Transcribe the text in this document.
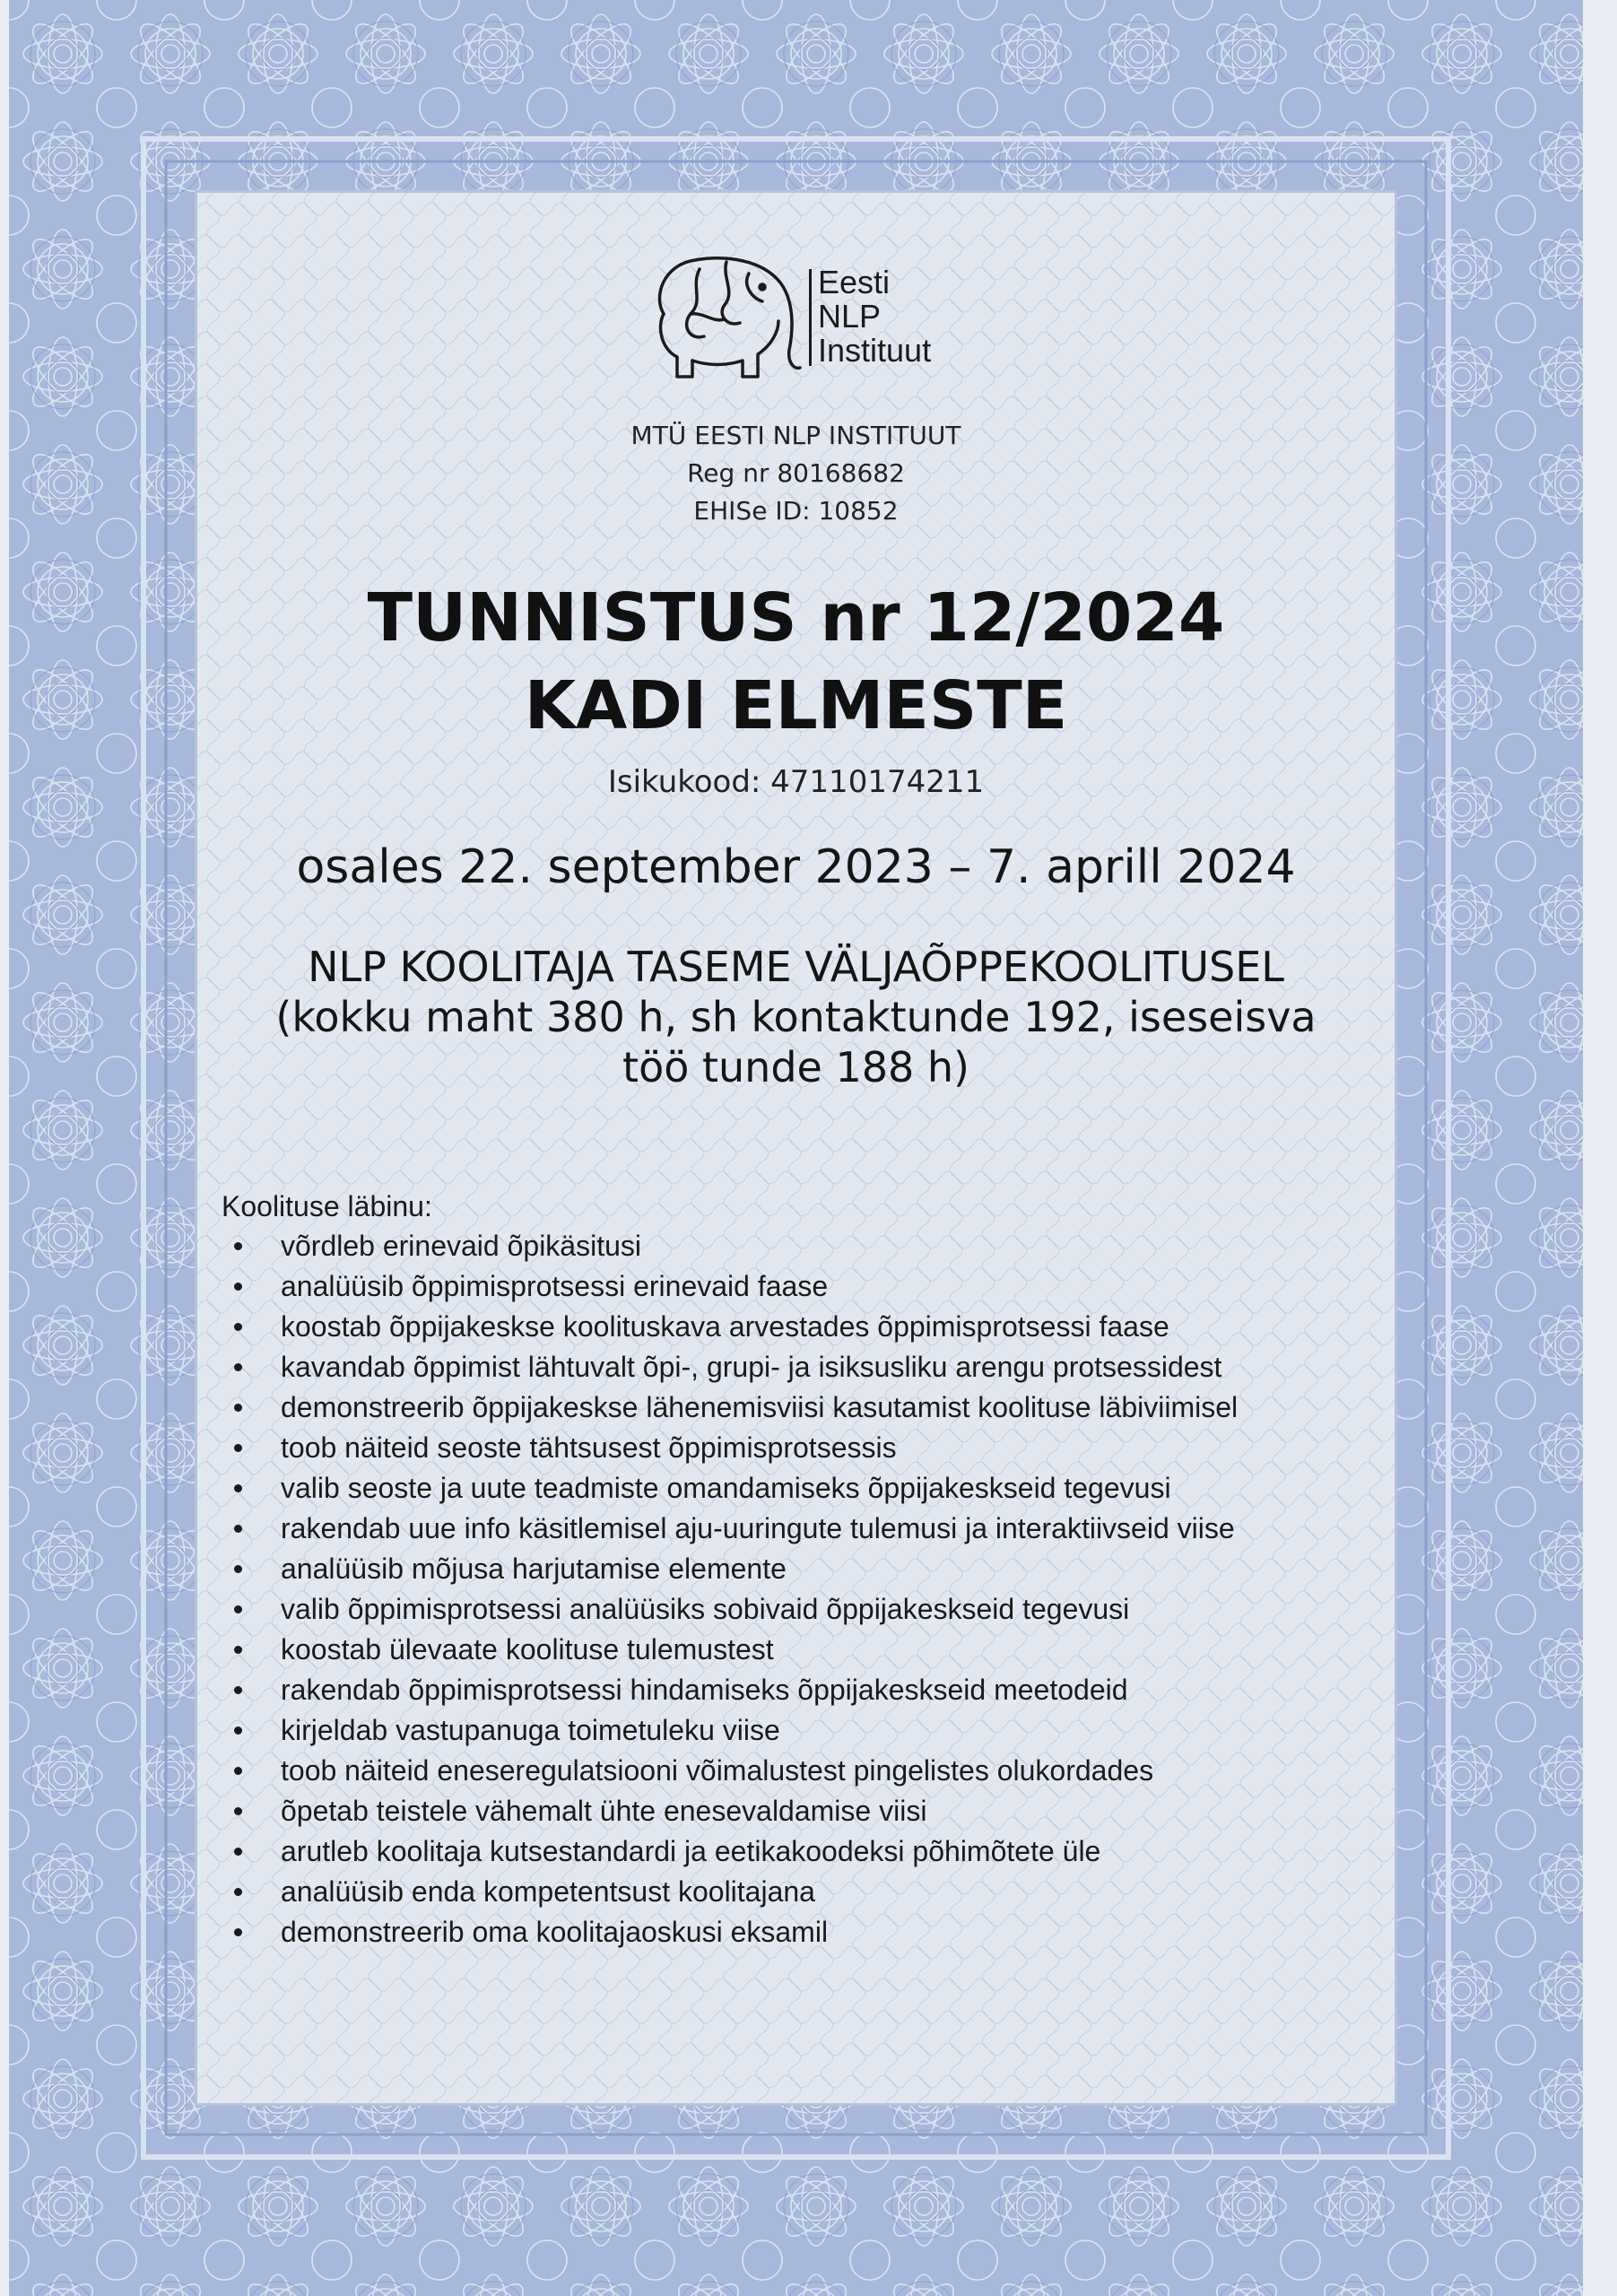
Eesti
NLP
Instituut
MTÜ EESTI NLP INSTITUUT
Reg nr 80168682
EHISe ID: 10852
TUNNISTUS nr 12/2024
KADI ELMESTE
Isikukood: 47110174211
osales 22. september 2023 – 7. aprill 2024
NLP KOOLITAJA TASEME VÄLJAÕPPEKOOLITUSEL
(kokku maht 380 h, sh kontaktunde 192, iseseisva
töö tunde 188 h)
Koolituse läbinu:
võrdleb erinevaid õpikäsitusi
analüüsib õppimisprotsessi erinevaid faase
koostab õppijakeskse koolituskava arvestades õppimisprotsessi faase
kavandab õppimist lähtuvalt õpi-, grupi- ja isiksusliku arengu protsessidest
demonstreerib õppijakeskse lähenemisviisi kasutamist koolituse läbiviimisel
toob näiteid seoste tähtsusest õppimisprotsessis
valib seoste ja uute teadmiste omandamiseks õppijakeskseid tegevusi
rakendab uue info käsitlemisel aju-uuringute tulemusi ja interaktiivseid viise
analüüsib mõjusa harjutamise elemente
valib õppimisprotsessi analüüsiks sobivaid õppijakeskseid tegevusi
koostab ülevaate koolituse tulemustest
rakendab õppimisprotsessi hindamiseks õppijakeskseid meetodeid
kirjeldab vastupanuga toimetuleku viise
toob näiteid eneseregulatsiooni võimalustest pingelistes olukordades
õpetab teistele vähemalt ühte enesevaldamise viisi
arutleb koolitaja kutsestandardi ja eetikakoodeksi põhimõtete üle
analüüsib enda kompetentsust koolitajana
demonstreerib oma koolitajaoskusi eksamil
